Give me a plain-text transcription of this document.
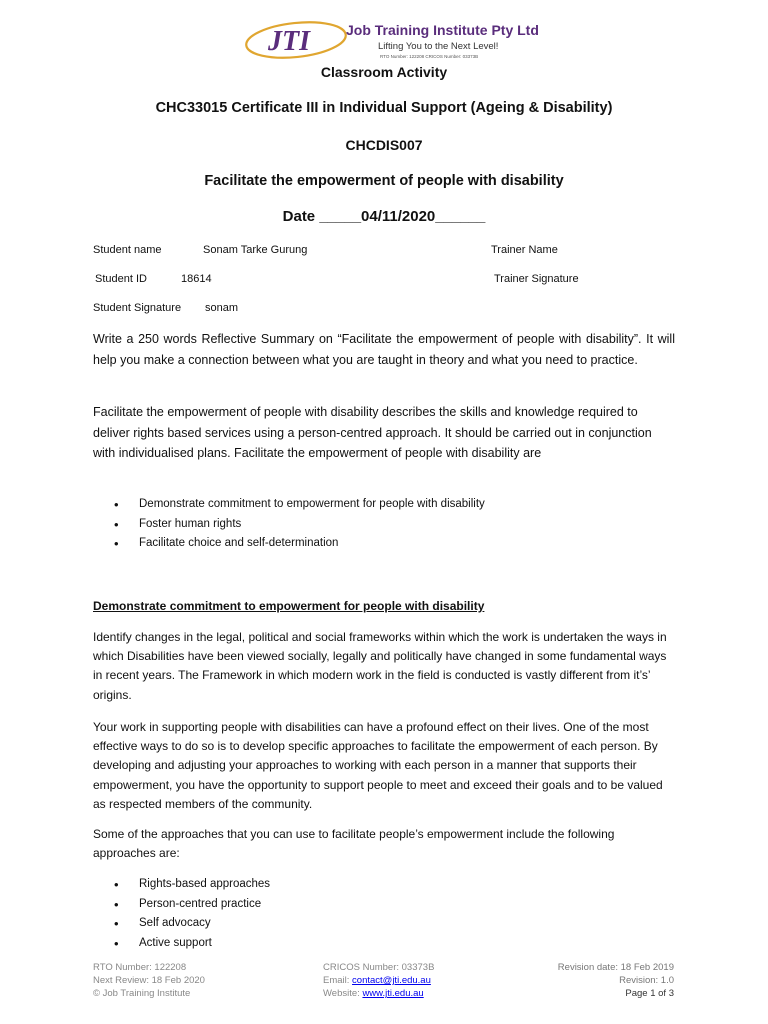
JTI	Job Training Institute Pty Ltd
Lifting You to the Next Level!
RTO Number: 122208 CRICOS Number: 03373B
Classroom Activity
CHC33015 Certificate III in Individual Support (Ageing & Disability)
CHCDIS007
Facilitate the empowerment of people with disability
Date _____04/11/2020______
Student name	Sonam Tarke Gurung	Trainer Name
Student ID	18614	Trainer Signature
Student Signature sonam

Write a 250 words Reflective Summary on “Facilitate the empowerment of people with disability”. It will help you make a connection between what you are taught in theory and what you need to practice.

Facilitate the empowerment of people with disability describes the skills and knowledge required to deliver rights based services using a person-centred approach. It should be carried out in conjunction with individualised plans. Facilitate the empowerment of people with disability are

• Demonstrate commitment to empowerment for people with disability
• Foster human rights
• Facilitate choice and self-determination
Demonstrate commitment to empowerment for people with disability

Identify changes in the legal, political and social frameworks within which the work is undertaken the ways in which Disabilities have been viewed socially, legally and politically have changed in some fundamental ways in recent years. The Framework in which modern work in the field is conducted is vastly different from it’s’ origins.

Your work in supporting people with disabilities can have a profound effect on their lives. One of the most effective ways to do so is to develop specific approaches to facilitate the empowerment of each person. By developing and adjusting your approaches to working with each person in a manner that supports their empowerment, you have the opportunity to support people to meet and exceed their goals and to be valued as respected members of the community.

Some of the approaches that you can use to facilitate people’s empowerment include the following approaches are:

• Rights-based approaches
• Person-centred practice
• Self advocacy
• Active support
RTO Number: 122208
Next Review: 18 Feb 2020
© Job Training Institute
CRICOS Number: 03373B
Email: contact@jti.edu.au
Website: www.jti.edu.au
Revision date: 18 Feb 2019
Revision: 1.0
Page 1 of 3
